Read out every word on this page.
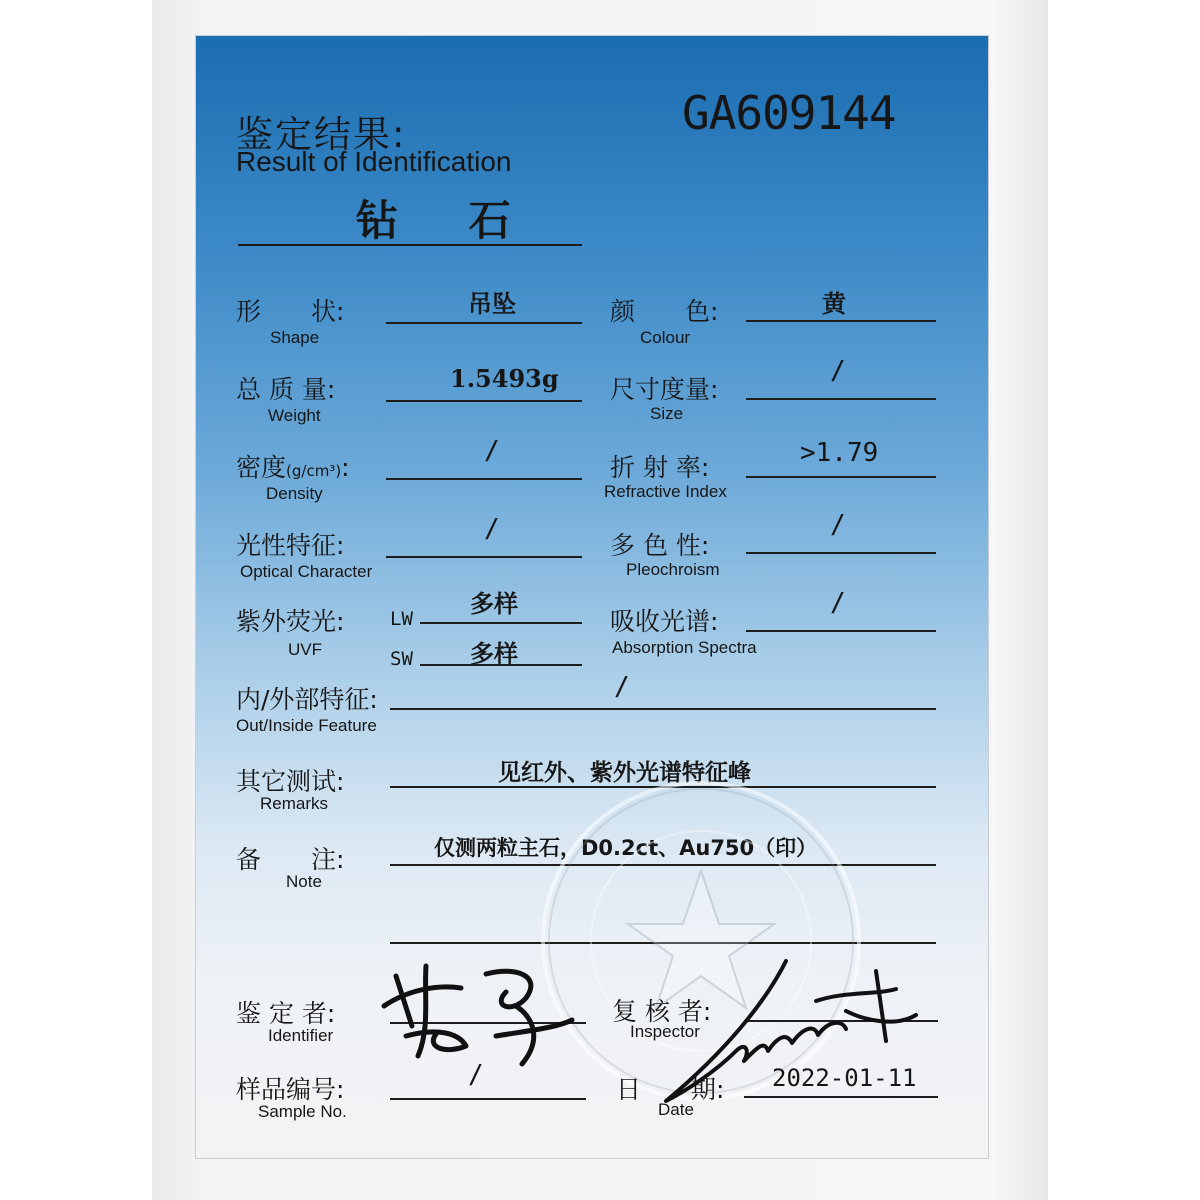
鉴定结果:
Result of Identification
GA609144
钻 石
形　　状:
Shape
吊坠	颜　　色:
Colour
黄
总 质 量:
Weight
1.5493g 尺寸度量:
Size
/
密度(g/cm³):
Density
/
折 射 率:
Refractive Index
>1.79
光性特征:
Optical Character
/
多 色 性:
Pleochroism
/
紫外荧光:
UVF
LW
多样
SW 多样
吸收光谱:
Absorption Spectra
/
内/外部特征:
Out/Inside Feature
/
其它测试:
Remarks
见红外、紫外光谱特征峰
备　　注:
Note
仅测两粒主石，D0.2ct、Au750（印）
鉴 定 者:
Identifier
复 核 者:
Inspector
样品编号:
Sample No.
/	日　　期:
Date
2022-01-11
